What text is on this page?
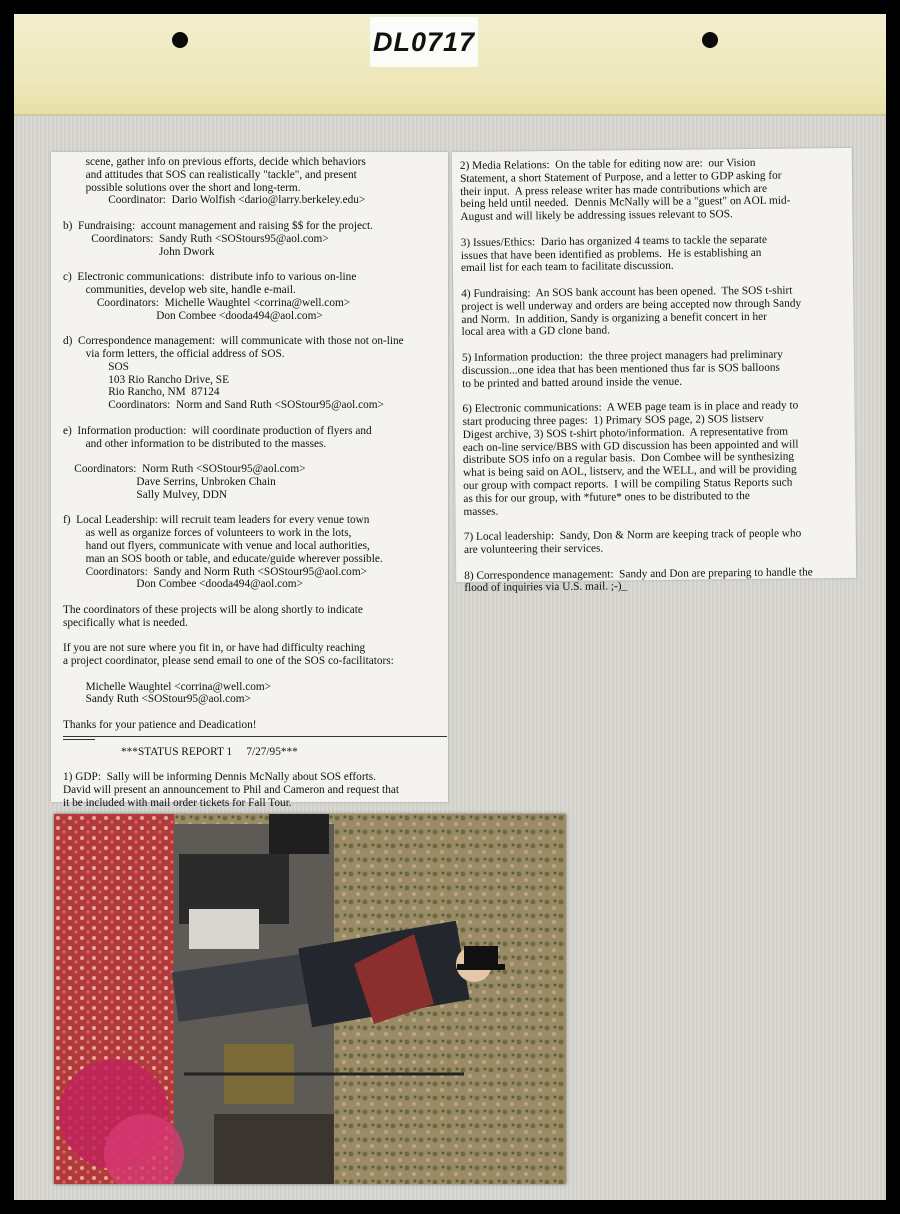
DL0717

scene, gather info on previous efforts, decide which behaviors

and attitudes that SOS can realistically "tackle", and present

possible solutions over the short and long-term.

Coordinator:  Dario Wolfish <dario@larry.berkeley.edu>

b)  Fundraising:  account management and raising $$ for the project.

Coordinators:  Sandy Ruth <SOStours95@aol.com>

John Dwork

c)  Electronic communications:  distribute info to various on-line

communities, develop web site, handle e-mail.

Coordinators:  Michelle Waughtel <corrina@well.com>

Don Combee <dooda494@aol.com>

d)  Correspondence management:  will communicate with those not on-line

via form letters, the official address of SOS.

SOS

103 Rio Rancho Drive, SE

Rio Rancho, NM  87124

Coordinators:  Norm and Sand Ruth <SOStour95@aol.com>

e)  Information production:  will coordinate production of flyers and

and other information to be distributed to the masses.

Coordinators:  Norm Ruth <SOStour95@aol.com>

Dave Serrins, Unbroken Chain

Sally Mulvey, DDN

f)  Local Leadership: will recruit team leaders for every venue town

as well as organize forces of volunteers to work in the lots,

hand out flyers, communicate with venue and local authorities,

man an SOS booth or table, and educate/guide wherever possible.

Coordinators:  Sandy and Norm Ruth <SOStour95@aol.com>

Don Combee <dooda494@aol.com>

The coordinators of these projects will be along shortly to indicate

specifically what is needed.

If you are not sure where you fit in, or have had difficulty reaching

a project coordinator, please send email to one of the SOS co-facilitators:

Michelle Waughtel <corrina@well.com>

Sandy Ruth <SOStour95@aol.com>

Thanks for your patience and Deadication!

***STATUS REPORT 1     7/27/95***

1) GDP:  Sally will be informing Dennis McNally about SOS efforts.

David will present an announcement to Phil and Cameron and request that

it be included with mail order tickets for Fall Tour.

2) Media Relations:  On the table for editing now are:  our Vision

Statement, a short Statement of Purpose, and a letter to GDP asking for

their input.  A press release writer has made contributions which are

being held until needed.  Dennis McNally will be a "guest" on AOL mid-

August and will likely be addressing issues relevant to SOS.

3) Issues/Ethics:  Dario has organized 4 teams to tackle the separate

issues that have been identified as problems.  He is establishing an

email list for each team to facilitate discussion.

4) Fundraising:  An SOS bank account has been opened.  The SOS t-shirt

project is well underway and orders are being accepted now through Sandy

and Norm.  In addition, Sandy is organizing a benefit concert in her

local area with a GD clone band.

5) Information production:  the three project managers had preliminary

discussion...one idea that has been mentioned thus far is SOS balloons

to be printed and batted around inside the venue.

6) Electronic communications:  A WEB page team is in place and ready to

start producing three pages:  1) Primary SOS page, 2) SOS listserv

Digest archive, 3) SOS t-shirt photo/information.  A representative from

each on-line service/BBS with GD discussion has been appointed and will

distribute SOS info on a regular basis.  Don Combee will be synthesizing

what is being said on AOL, listserv, and the WELL, and will be providing

our group with compact reports.  I will be compiling Status Reports such

as this for our group, with *future* ones to be distributed to the

masses.

7) Local leadership:  Sandy, Don & Norm are keeping track of people who

are volunteering their services.

8) Correspondence management:  Sandy and Don are preparing to handle the

flood of inquiries via U.S. mail. ;-)_
